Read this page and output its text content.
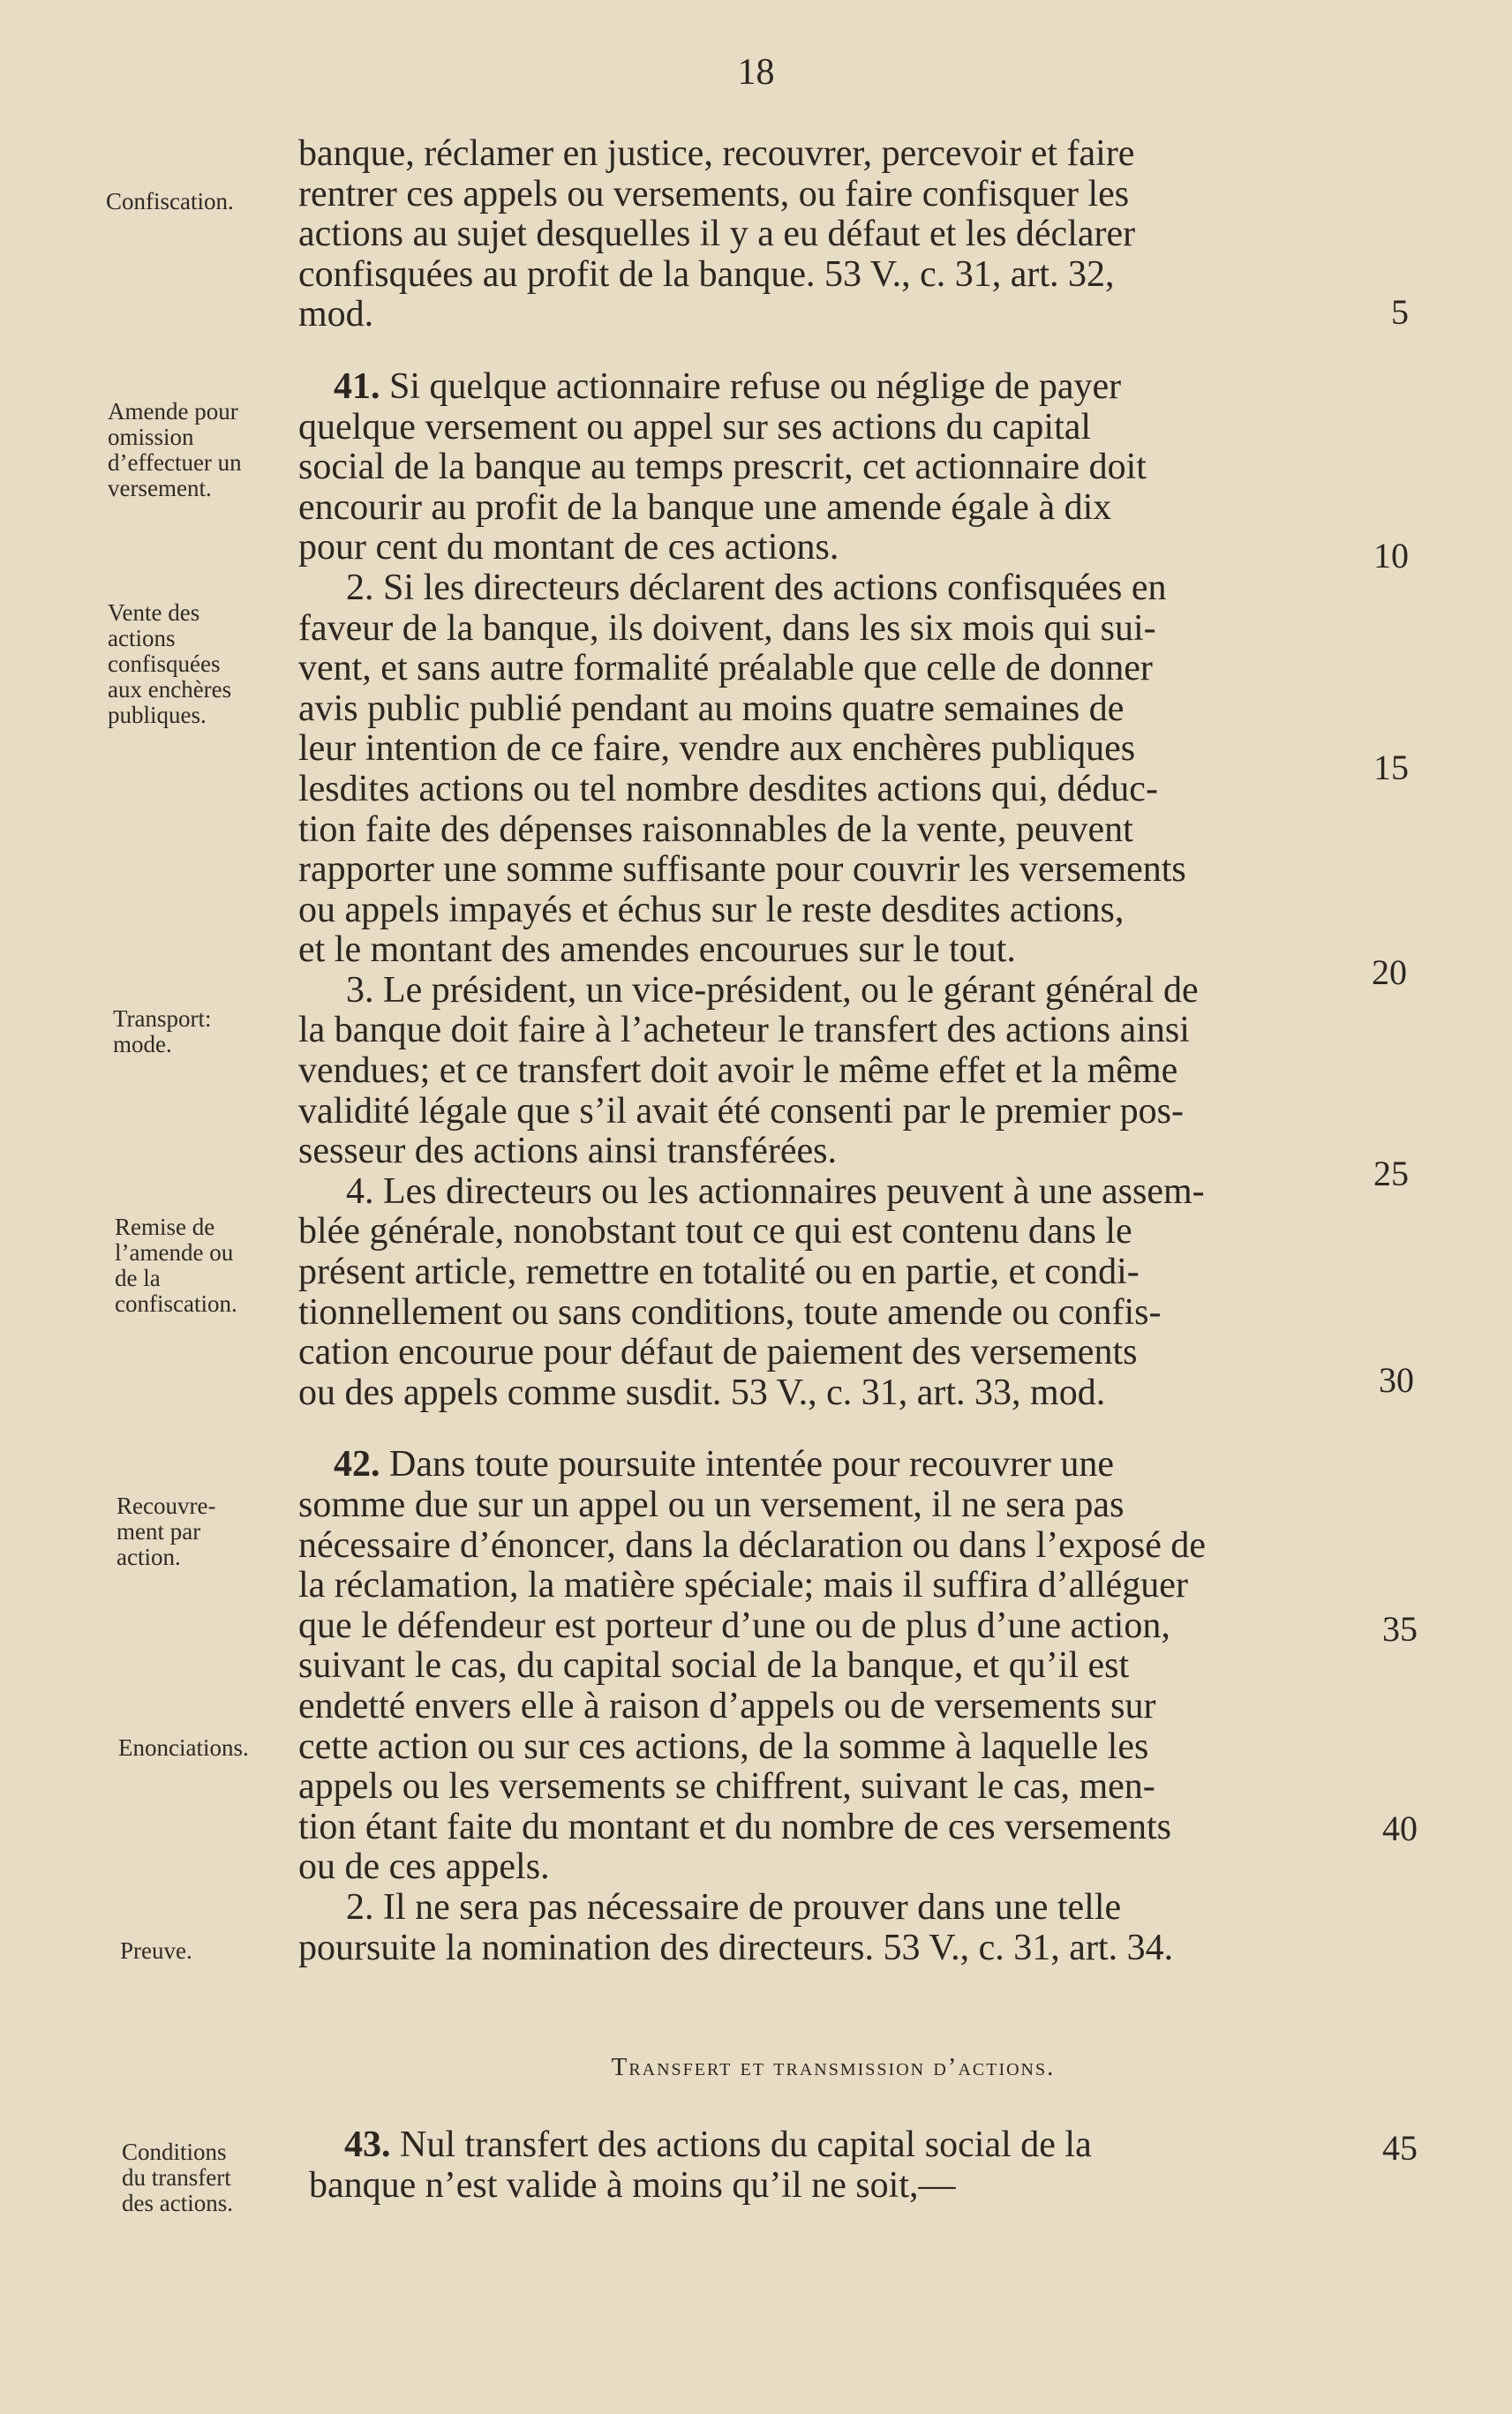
18
banque, réclamer en justice, recouvrer, percevoir et faire
rentrer ces appels ou versements, ou faire confisquer les
actions au sujet desquelles il y a eu défaut et les déclarer
confisquées au profit de la banque. 53 V., c. 31, art. 32,
mod.
41. Si quelque actionnaire refuse ou néglige de payer
quelque versement ou appel sur ses actions du capital
social de la banque au temps prescrit, cet actionnaire doit
encourir au profit de la banque une amende égale à dix
pour cent du montant de ces actions.
2. Si les directeurs déclarent des actions confisquées en
faveur de la banque, ils doivent, dans les six mois qui sui-
vent, et sans autre formalité préalable que celle de donner
avis public publié pendant au moins quatre semaines de
leur intention de ce faire, vendre aux enchères publiques
lesdites actions ou tel nombre desdites actions qui, déduc-
tion faite des dépenses raisonnables de la vente, peuvent
rapporter une somme suffisante pour couvrir les versements
ou appels impayés et échus sur le reste desdites actions,
et le montant des amendes encourues sur le tout.
3. Le président, un vice-président, ou le gérant général de
la banque doit faire à l’acheteur le transfert des actions ainsi
vendues; et ce transfert doit avoir le même effet et la même
validité légale que s’il avait été consenti par le premier pos-
sesseur des actions ainsi transférées.
4. Les directeurs ou les actionnaires peuvent à une assem-
blée générale, nonobstant tout ce qui est contenu dans le
présent article, remettre en totalité ou en partie, et condi-
tionnellement ou sans conditions, toute amende ou confis-
cation encourue pour défaut de paiement des versements
ou des appels comme susdit. 53 V., c. 31, art. 33, mod.
42. Dans toute poursuite intentée pour recouvrer une
somme due sur un appel ou un versement, il ne sera pas
nécessaire d’énoncer, dans la déclaration ou dans l’exposé de
la réclamation, la matière spéciale; mais il suffira d’alléguer
que le défendeur est porteur d’une ou de plus d’une action,
suivant le cas, du capital social de la banque, et qu’il est
endetté envers elle à raison d’appels ou de versements sur
cette action ou sur ces actions, de la somme à laquelle les
appels ou les versements se chiffrent, suivant le cas, men-
tion étant faite du montant et du nombre de ces versements
ou de ces appels.
2. Il ne sera pas nécessaire de prouver dans une telle
poursuite la nomination des directeurs. 53 V., c. 31, art. 34.
Transfert et transmission d’actions.
43. Nul transfert des actions du capital social de la
banque n’est valide à moins qu’il ne soit,—
Confiscation.
Amende pour
omission
d’effectuer un
versement.
Vente des
actions
confisquées
aux enchères
publiques.
Transport:
mode.
Remise de
l’amende ou
de la
confiscation.
Recouvre-
ment par
action.
Enonciations.
Preuve.
Conditions
du transfert
des actions.
5
10
15
20
25
30
35
40
45
